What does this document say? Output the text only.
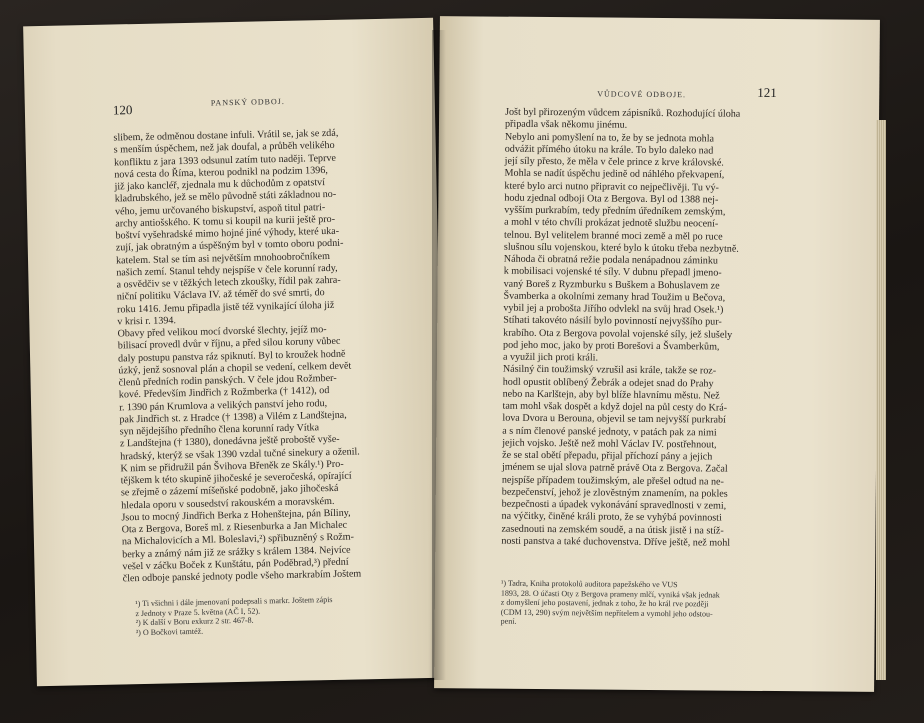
120	PANSKÝ ODBOJ.
slibem, že odměnou dostane infuli. Vrátil se, jak se zdá,
s menším úspěchem, než jak doufal, a průběh velikého
konfliktu z jara 1393 odsunul zatím tuto naději. Teprve
nová cesta do Říma, kterou podnikl na podzim 1396,
již jako kancléř, zjednala mu k důchodům z opatství
kladrubského, jež se mělo původně státi základnou no-
vého, jemu určovaného biskupství, aspoň titul patri-
archy antiošského. K tomu si koupil na kurii ještě pro-
boštví vyšehradské mimo hojné jiné výhody, které uka-
zují, jak obratným a úspěšným byl v tomto oboru podni-
katelem. Stal se tím asi největším mnohoobročníkem
našich zemí. Stanul tehdy nejspíše v čele korunní rady,
a osvědčiv se v těžkých letech zkoušky, řídil pak zahra-
niční politiku Václava IV. až téměř do své smrti, do
roku 1416. Jemu připadla jistě též vynikající úloha již
v krisi r. 1394.
Obavy před velikou mocí dvorské šlechty, jejíž mo-
bilisací provedl dvůr v říjnu, a před silou koruny vůbec
daly postupu panstva ráz spiknutí. Byl to kroužek hodně
úzký, jenž sosnoval plán a chopil se vedení, celkem devět
členů předních rodin panských. V čele jdou Rožmber-
kové. Především Jindřich z Rožmberka († 1412), od
r. 1390 pán Krumlova a velikých panství jeho rodu,
pak Jindřich st. z Hradce († 1398) a Vilém z Landštejna,
syn nějdejšího předního člena korunní rady Vítka
z Landštejna († 1380), donedávna ještě proboště vyše-
hradský, kterýž se však 1390 vzdal tučné sinekury a oženil.
K nim se přidružil pán Švihova Břeněk ze Skály.¹) Pro-
tějškem k této skupině jihočeské je severočeská, opírající
se zřejmě o zázemí míšeňské podobně, jako jihočeská
hledala oporu v sousedství rakouském a moravském.
Jsou to mocný Jindřich Berka z Hohenštejna, pán Bíliny,
Ota z Bergova, Boreš ml. z Riesenburka a Jan Michalec
na Michalovicích a Ml. Boleslavi,²) spřibuzněný s Rožm-
berky a známý nám již ze srážky s králem 1384. Nejvíce
vešel v záčku Boček z Kunštátu, pán Poděbrad,³) přední
člen odboje panské jednoty podle všeho markrabím Joštem
¹) Ti všichni i dále jmenovaní podepsali s markr. Joštem zápis
z Jednoty v Praze 5. května (AČ I, 52).
²) K další v Boru exkurz 2 str. 467-8.
³) O Bočkovi tamtéž.
VŮDCOVÉ ODBOJE.	121
Jošt byl přirozeným vůdcem zápisníků. Rozhodující úloha
připadla však někomu jinému.
Nebylo ani pomyšlení na to, že by se jednota mohla
odvážit přímého útoku na krále. To bylo daleko nad
její síly přesto, že měla v čele prince z krve královské.
Mohla se nadít úspěchu jedině od náhlého překvapení,
které bylo arci nutno připravit co nejpečlivěji. Tu vý-
hodu zjednal odboji Ota z Bergova. Byl od 1388 nej-
vyšším purkrabím, tedy předním úředníkem zemským,
a mohl v této chvíli prokázat jednotě službu neocení-
telnou. Byl velitelem branné moci země a měl po ruce
slušnou sílu vojenskou, které bylo k útoku třeba nezbytně.
Náhoda či obratná režie podala nenápadnou záminku
k mobilisaci vojenské té síly. V dubnu přepadl jmeno-
vaný Boreš z Ryzmburku s Buškem a Bohuslavem ze
Švamberka a okolními zemany hrad Toužim u Bečova,
vybil jej a probošta Jiřího odvlekl na svůj hrad Osek.¹)
Stíhati takovéto násilí bylo povinností nejvyššího pur-
krabího. Ota z Bergova povolal vojenské síly, jež slušely
pod jeho moc, jako by proti Borešovi a Švamberkům,
a využil jich proti králi.
Násilný čin toužimský vzrušil asi krále, takže se roz-
hodl opustit oblíbený Žebrák a odejet snad do Prahy
nebo na Karlštejn, aby byl blíže hlavnímu městu. Než
tam mohl však dospět a když dojel na půl cesty do Krá-
lova Dvora u Berouna, objevil se tam nejvyšší purkrabí
a s ním členové panské jednoty, v patách pak za nimi
jejich vojsko. Ještě než mohl Václav IV. postřehnout,
že se stal obětí přepadu, přijal příchozí pány a jejich
jménem se ujal slova patrně právě Ota z Bergova. Začal
nejspíše případem toužimským, ale přešel odtud na ne-
bezpečenství, jehož je zlověstným znamením, na pokles
bezpečnosti a úpadek vykonávání spravedlnosti v zemi,
na výčitky, činěné králi proto, že se vyhýbá povinnosti
zasednouti na zemském soudě, a na útisk jistě i na stíž-
nosti panstva a také duchovenstva. Dříve ještě, než mohl
¹) Tadra, Kniha protokolů auditora papežského ve VUS
1893, 28. O účasti Oty z Bergova prameny mlčí, vyniká však jednak
z domyšlení jeho postavení, jednak z toho, že ho král rve později
(CDM 13, 290) svým největším nepřítelem a vymohl jeho odstou-
pení.
